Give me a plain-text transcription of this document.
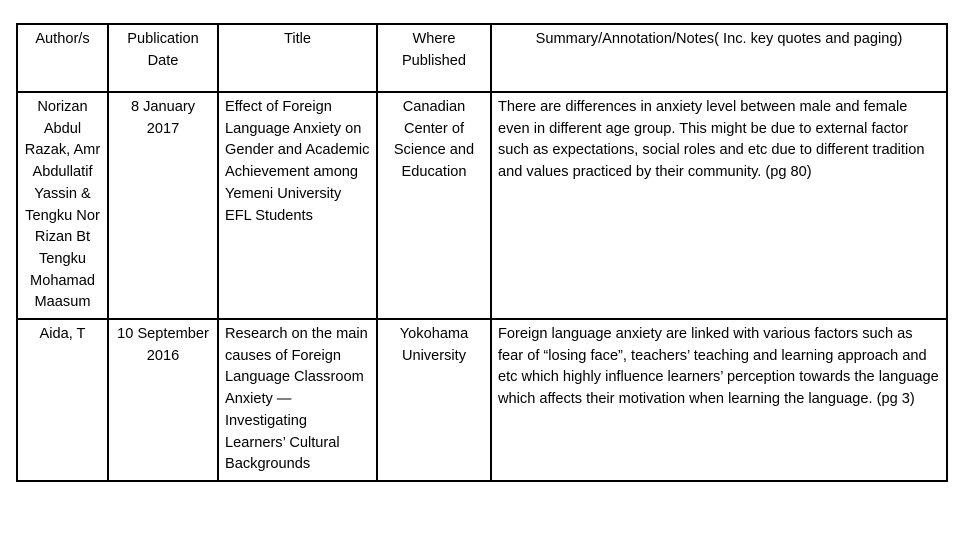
Author/s	Publication Date	Title	Where Published	Summary/Annotation/Notes( Inc. key quotes and paging)
Norizan Abdul Razak, Amr Abdullatif Yassin & Tengku Nor Rizan Bt Tengku Mohamad Maasum	8 January 2017	Effect of Foreign Language Anxiety on Gender and Academic Achievement among Yemeni University EFL Students	Canadian Center of Science and Education	There are differences in anxiety level between male and female even in different age group. This might be due to external factor such as expectations, social roles and etc due to different tradition and values practiced by their community. (pg 80)
Aida, T	10 September 2016	Research on the main causes of Foreign Language Classroom Anxiety —Investigating Learners’ Cultural Backgrounds	Yokohama University	Foreign language anxiety are linked with various factors such as fear of “losing face”, teachers’ teaching and learning approach and etc which highly influence learners’ perception towards the language which affects their motivation when learning the language. (pg 3)
